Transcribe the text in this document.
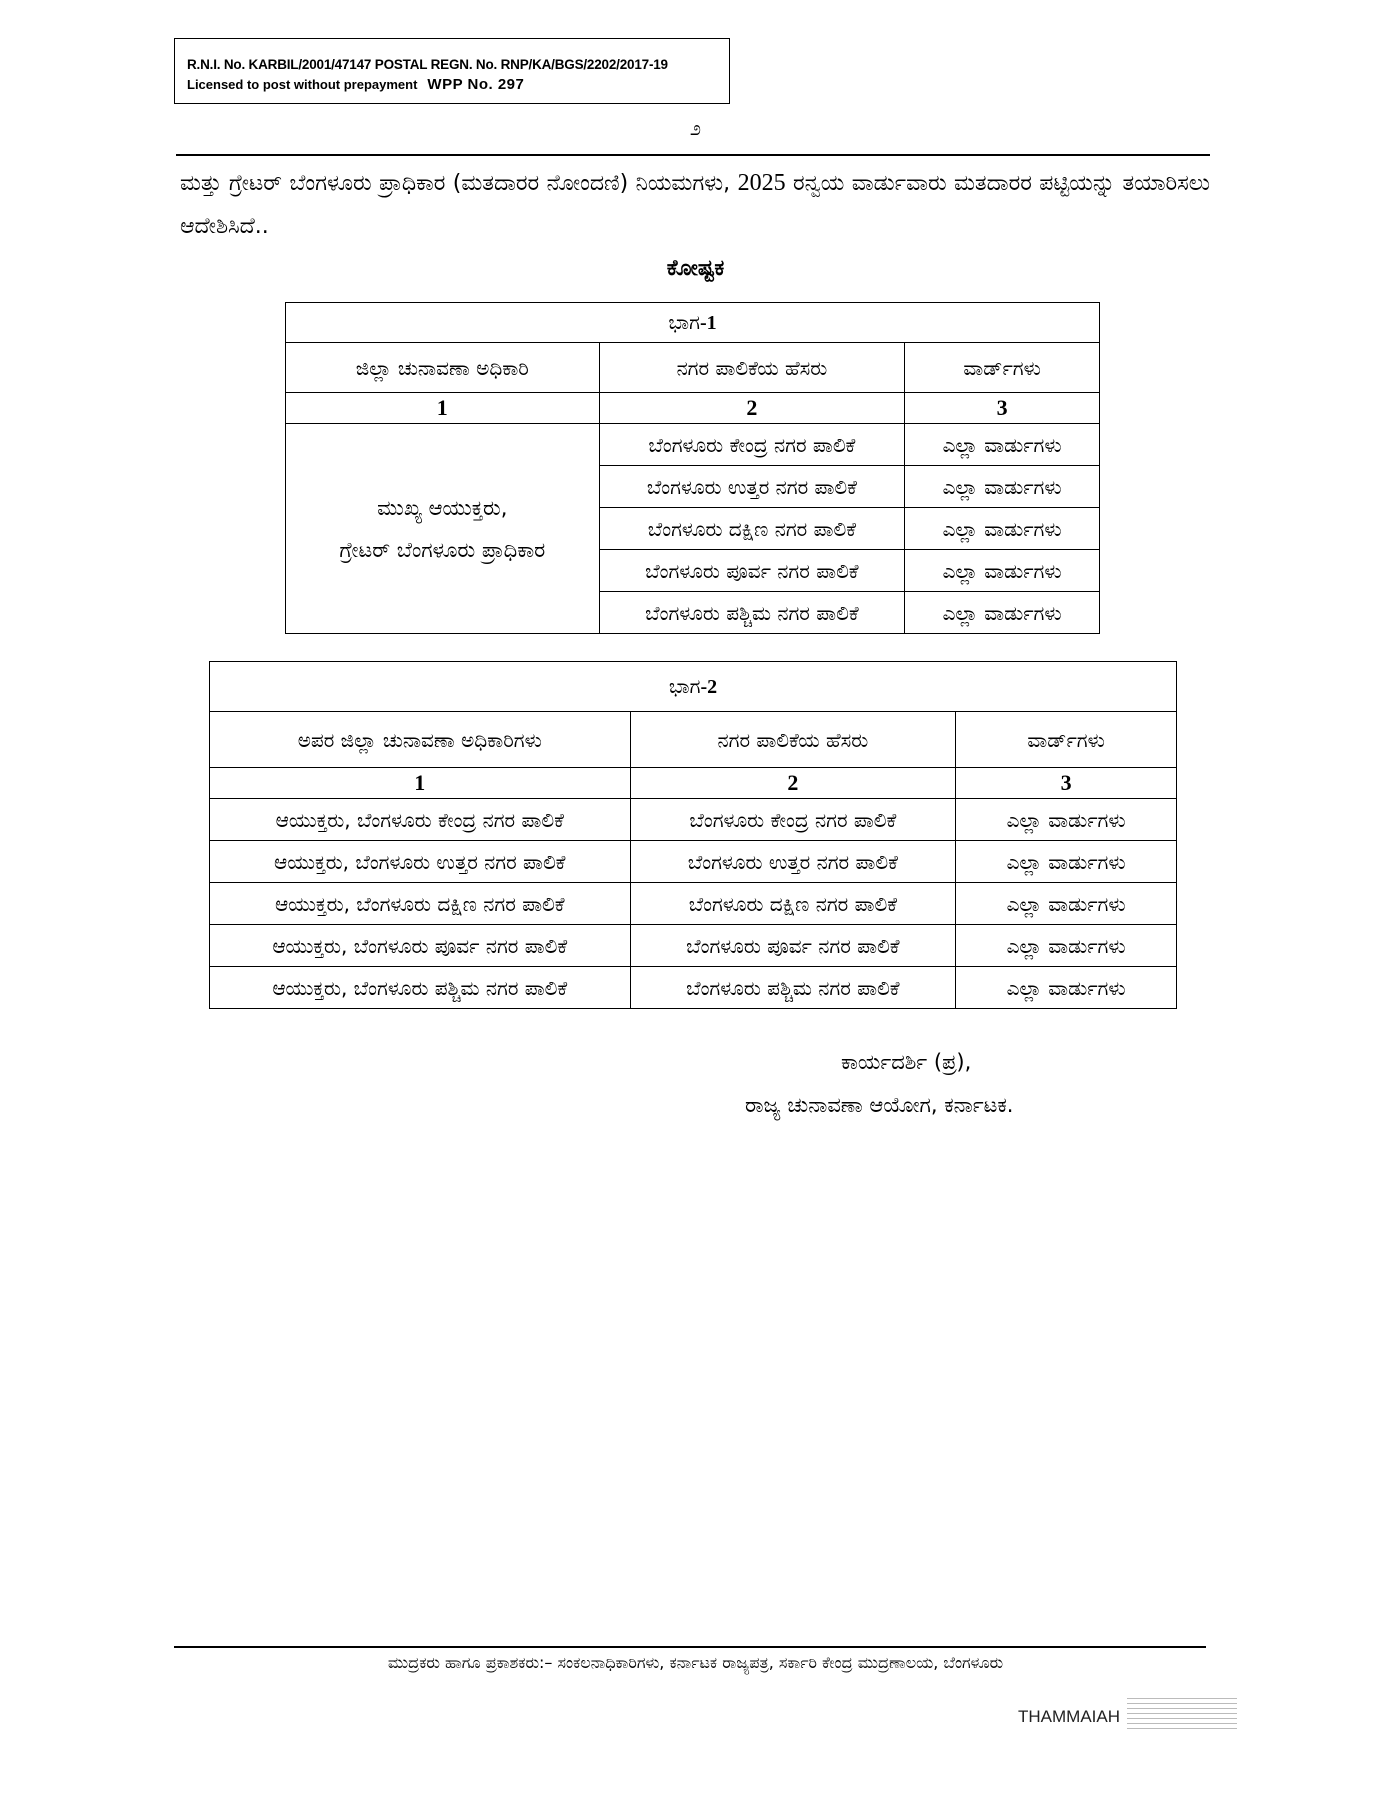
R.N.I. No. KARBIL/2001/47147 POSTAL REGN. No. RNP/KA/BGS/2202/2017-19
Licensed to post without prepayment WPP No. 297
೨
ಮತ್ತು ಗ್ರೇಟರ್ ಬೆಂಗಳೂರು ಪ್ರಾಧಿಕಾರ (ಮತದಾರರ ನೋಂದಣಿ) ನಿಯಮಗಳು, 2025 ರನ್ವಯ ವಾರ್ಡುವಾರು ಮತದಾರರ ಪಟ್ಟಿಯನ್ನು ತಯಾರಿಸಲು ಆದೇಶಿಸಿದೆ..
ಕೋಷ್ಟಕ
ಭಾಗ-1		
ಜಿಲ್ಲಾ ಚುನಾವಣಾ ಅಧಿಕಾರಿ	ನಗರ ಪಾಲಿಕೆಯ ಹೆಸರು	ವಾರ್ಡ್‌ಗಳು
1	2	3

ಮುಖ್ಯ ಆಯುಕ್ತರು,
ಗ್ರೇಟರ್ ಬೆಂಗಳೂರು ಪ್ರಾಧಿಕಾರ	ಬೆಂಗಳೂರು ಕೇಂದ್ರ ನಗರ ಪಾಲಿಕೆ	ಎಲ್ಲಾ ವಾರ್ಡುಗಳು
	ಬೆಂಗಳೂರು ಉತ್ತರ ನಗರ ಪಾಲಿಕೆ	ಎಲ್ಲಾ ವಾರ್ಡುಗಳು
	ಬೆಂಗಳೂರು ದಕ್ಷಿಣ ನಗರ ಪಾಲಿಕೆ	ಎಲ್ಲಾ ವಾರ್ಡುಗಳು
	ಬೆಂಗಳೂರು ಪೂರ್ವ ನಗರ ಪಾಲಿಕೆ	ಎಲ್ಲಾ ವಾರ್ಡುಗಳು
	ಬೆಂಗಳೂರು ಪಶ್ಚಿಮ ನಗರ ಪಾಲಿಕೆ	ಎಲ್ಲಾ ವಾರ್ಡುಗಳು
ಭಾಗ-2		
ಅಪರ ಜಿಲ್ಲಾ ಚುನಾವಣಾ ಅಧಿಕಾರಿಗಳು	ನಗರ ಪಾಲಿಕೆಯ ಹೆಸರು	ವಾರ್ಡ್‌ಗಳು
1	2	3
ಆಯುಕ್ತರು, ಬೆಂಗಳೂರು ಕೇಂದ್ರ ನಗರ ಪಾಲಿಕೆ	ಬೆಂಗಳೂರು ಕೇಂದ್ರ ನಗರ ಪಾಲಿಕೆ	ಎಲ್ಲಾ ವಾರ್ಡುಗಳು
ಆಯುಕ್ತರು, ಬೆಂಗಳೂರು ಉತ್ತರ ನಗರ ಪಾಲಿಕೆ	ಬೆಂಗಳೂರು ಉತ್ತರ ನಗರ ಪಾಲಿಕೆ	ಎಲ್ಲಾ ವಾರ್ಡುಗಳು
ಆಯುಕ್ತರು, ಬೆಂಗಳೂರು ದಕ್ಷಿಣ ನಗರ ಪಾಲಿಕೆ	ಬೆಂಗಳೂರು ದಕ್ಷಿಣ ನಗರ ಪಾಲಿಕೆ	ಎಲ್ಲಾ ವಾರ್ಡುಗಳು
ಆಯುಕ್ತರು, ಬೆಂಗಳೂರು ಪೂರ್ವ ನಗರ ಪಾಲಿಕೆ	ಬೆಂಗಳೂರು ಪೂರ್ವ ನಗರ ಪಾಲಿಕೆ	ಎಲ್ಲಾ ವಾರ್ಡುಗಳು
ಆಯುಕ್ತರು, ಬೆಂಗಳೂರು ಪಶ್ಚಿಮ ನಗರ ಪಾಲಿಕೆ	ಬೆಂಗಳೂರು ಪಶ್ಚಿಮ ನಗರ ಪಾಲಿಕೆ	ಎಲ್ಲಾ ವಾರ್ಡುಗಳು
ಕಾರ್ಯದರ್ಶಿ (ಪ್ರ),
ರಾಜ್ಯ ಚುನಾವಣಾ ಆಯೋಗ, ಕರ್ನಾಟಕ.
ಮುದ್ರಕರು ಹಾಗೂ ಪ್ರಕಾಶಕರು:– ಸಂಕಲನಾಧಿಕಾರಿಗಳು, ಕರ್ನಾಟಕ ರಾಜ್ಯಪತ್ರ, ಸರ್ಕಾರಿ ಕೇಂದ್ರ ಮುದ್ರಣಾಲಯ, ಬೆಂಗಳೂರು
THAMMAIAH
